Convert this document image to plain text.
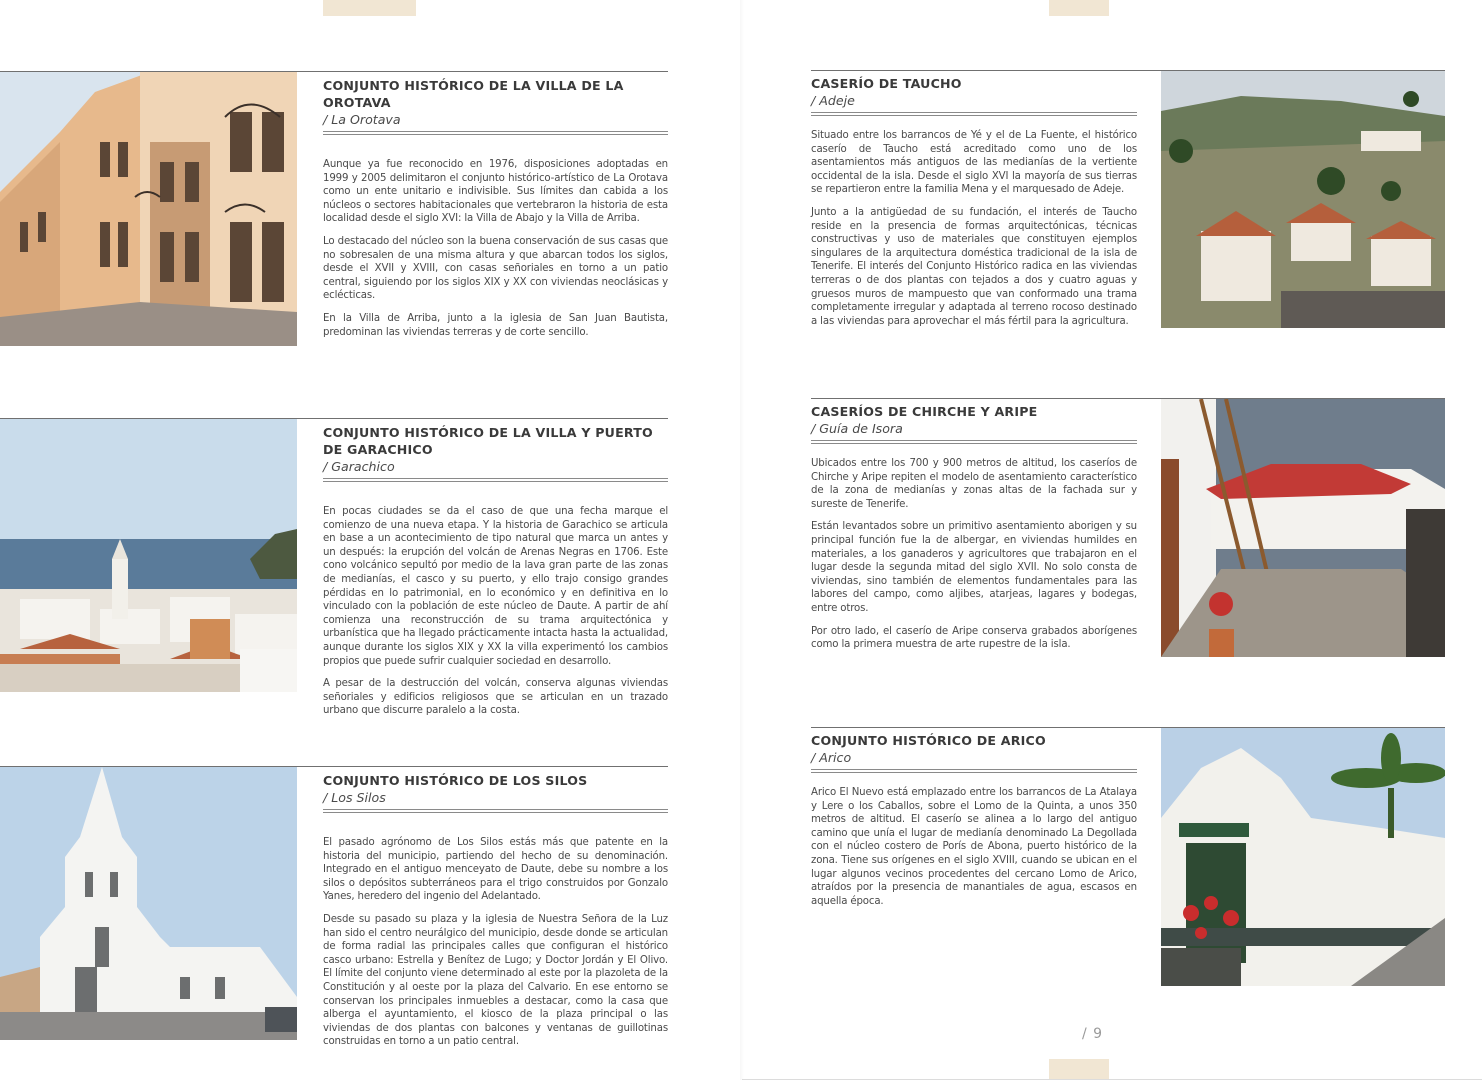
CONJUNTO HISTÓRICO DE LA VILLA DE LA OROTAVA
/ La Orotava

Aunque ya fue reconocido en 1976, disposiciones adoptadas en 1999 y 2005 delimitaron el conjunto histórico-artístico de La Orotava como un ente unitario e indivisible. Sus límites dan cabida a los núcleos o sectores habitacionales que vertebraron la historia de esta localidad desde el siglo XVI: la Villa de Abajo y la Villa de Arriba.

Lo destacado del núcleo son la buena conservación de sus casas que no sobresalen de una misma altura y que abarcan todos los siglos, desde el XVII y XVIII, con casas señoriales en torno a un patio central, siguiendo por los siglos XIX y XX con viviendas neoclásicas y eclécticas.

En la Villa de Arriba, junto a la iglesia de San Juan Bautista, predominan las viviendas terreras y de corte sencillo.

CONJUNTO HISTÓRICO DE LA VILLA Y PUERTO DE GARACHICO
/ Garachico

En pocas ciudades se da el caso de que una fecha marque el comienzo de una nueva etapa. Y la historia de Garachico se articula en base a un acontecimiento de tipo natural que marca un antes y un después: la erupción del volcán de Arenas Negras en 1706. Este cono volcánico sepultó por medio de la lava gran parte de las zonas de medianías, el casco y su puerto, y ello trajo consigo grandes pérdidas en lo patrimonial, en lo económico y en definitiva en lo vinculado con la población de este núcleo de Daute. A partir de ahí comienza una reconstrucción de su trama arquitectónica y urbanística que ha llegado prácticamente intacta hasta la actualidad, aunque durante los siglos XIX y XX la villa experimentó los cambios propios que puede sufrir cualquier sociedad en desarrollo.

A pesar de la destrucción del volcán, conserva algunas viviendas señoriales y edificios religiosos que se articulan en un trazado urbano que discurre paralelo a la costa.

CONJUNTO HISTÓRICO DE LOS SILOS
/ Los Silos

El pasado agrónomo de Los Silos estás más que patente en la historia del municipio, partiendo del hecho de su denominación. Integrado en el antiguo menceyato de Daute, debe su nombre a los silos o depósitos subterráneos para el trigo construidos por Gonzalo Yanes, heredero del ingenio del Adelantado.

Desde su pasado su plaza y la iglesia de Nuestra Señora de la Luz han sido el centro neurálgico del municipio, desde donde se articulan de forma radial las principales calles que configuran el histórico casco urbano: Estrella y Benítez de Lugo; y Doctor Jordán y El Olivo. El límite del conjunto viene determinado al este por la plazoleta de la Constitución y al oeste por la plaza del Calvario. En ese entorno se conservan los principales inmuebles a destacar, como la casa que alberga el ayuntamiento, el kiosco de la plaza principal o las viviendas de dos plantas con balcones y ventanas de guillotinas construidas en torno a un patio central.

CASERÍO DE TAUCHO
/ Adeje

Situado entre los barrancos de Yé y el de La Fuente, el histórico caserío de Taucho está acreditado como uno de los asentamientos más antiguos de las medianías de la vertiente occidental de la isla. Desde el siglo XVI la mayoría de sus tierras se repartieron entre la familia Mena y el marquesado de Adeje.

Junto a la antigüedad de su fundación, el interés de Taucho reside en la presencia de formas arquitectónicas, técnicas constructivas y uso de materiales que constituyen ejemplos singulares de la arquitectura doméstica tradicional de la isla de Tenerife. El interés del Conjunto Histórico radica en las viviendas terreras o de dos plantas con tejados a dos y cuatro aguas y gruesos muros de mampuesto que van conformado una trama completamente irregular y adaptada al terreno rocoso destinado a las viviendas para aprovechar el más fértil para la agricultura.

CASERÍOS DE CHIRCHE Y ARIPE
/ Guía de Isora

Ubicados entre los 700 y 900 metros de altitud, los caseríos de Chirche y Aripe repiten el modelo de asentamiento característico de la zona de medianías y zonas altas de la fachada sur y sureste de Tenerife.

Están levantados sobre un primitivo asentamiento aborigen y su principal función fue la de albergar, en viviendas humildes en materiales, a los ganaderos y agricultores que trabajaron en el lugar desde la segunda mitad del siglo XVII. No solo consta de viviendas, sino también de elementos fundamentales para las labores del campo, como aljibes, atarjeas, lagares y bodegas, entre otros.

Por otro lado, el caserío de Aripe conserva grabados aborígenes como la primera muestra de arte rupestre de la isla.

CONJUNTO HISTÓRICO DE ARICO
/ Arico

Arico El Nuevo está emplazado entre los barrancos de La Atalaya y Lere o los Caballos, sobre el Lomo de la Quinta, a unos 350 metros de altitud. El caserío se alinea a lo largo del antiguo camino que unía el lugar de medianía denominado La Degollada con el núcleo costero de Porís de Abona, puerto histórico de la zona. Tiene sus orígenes en el siglo XVIII, cuando se ubican en el lugar algunos vecinos procedentes del cercano Lomo de Arico, atraídos por la presencia de manantiales de agua, escasos en aquella época.

/ 9
